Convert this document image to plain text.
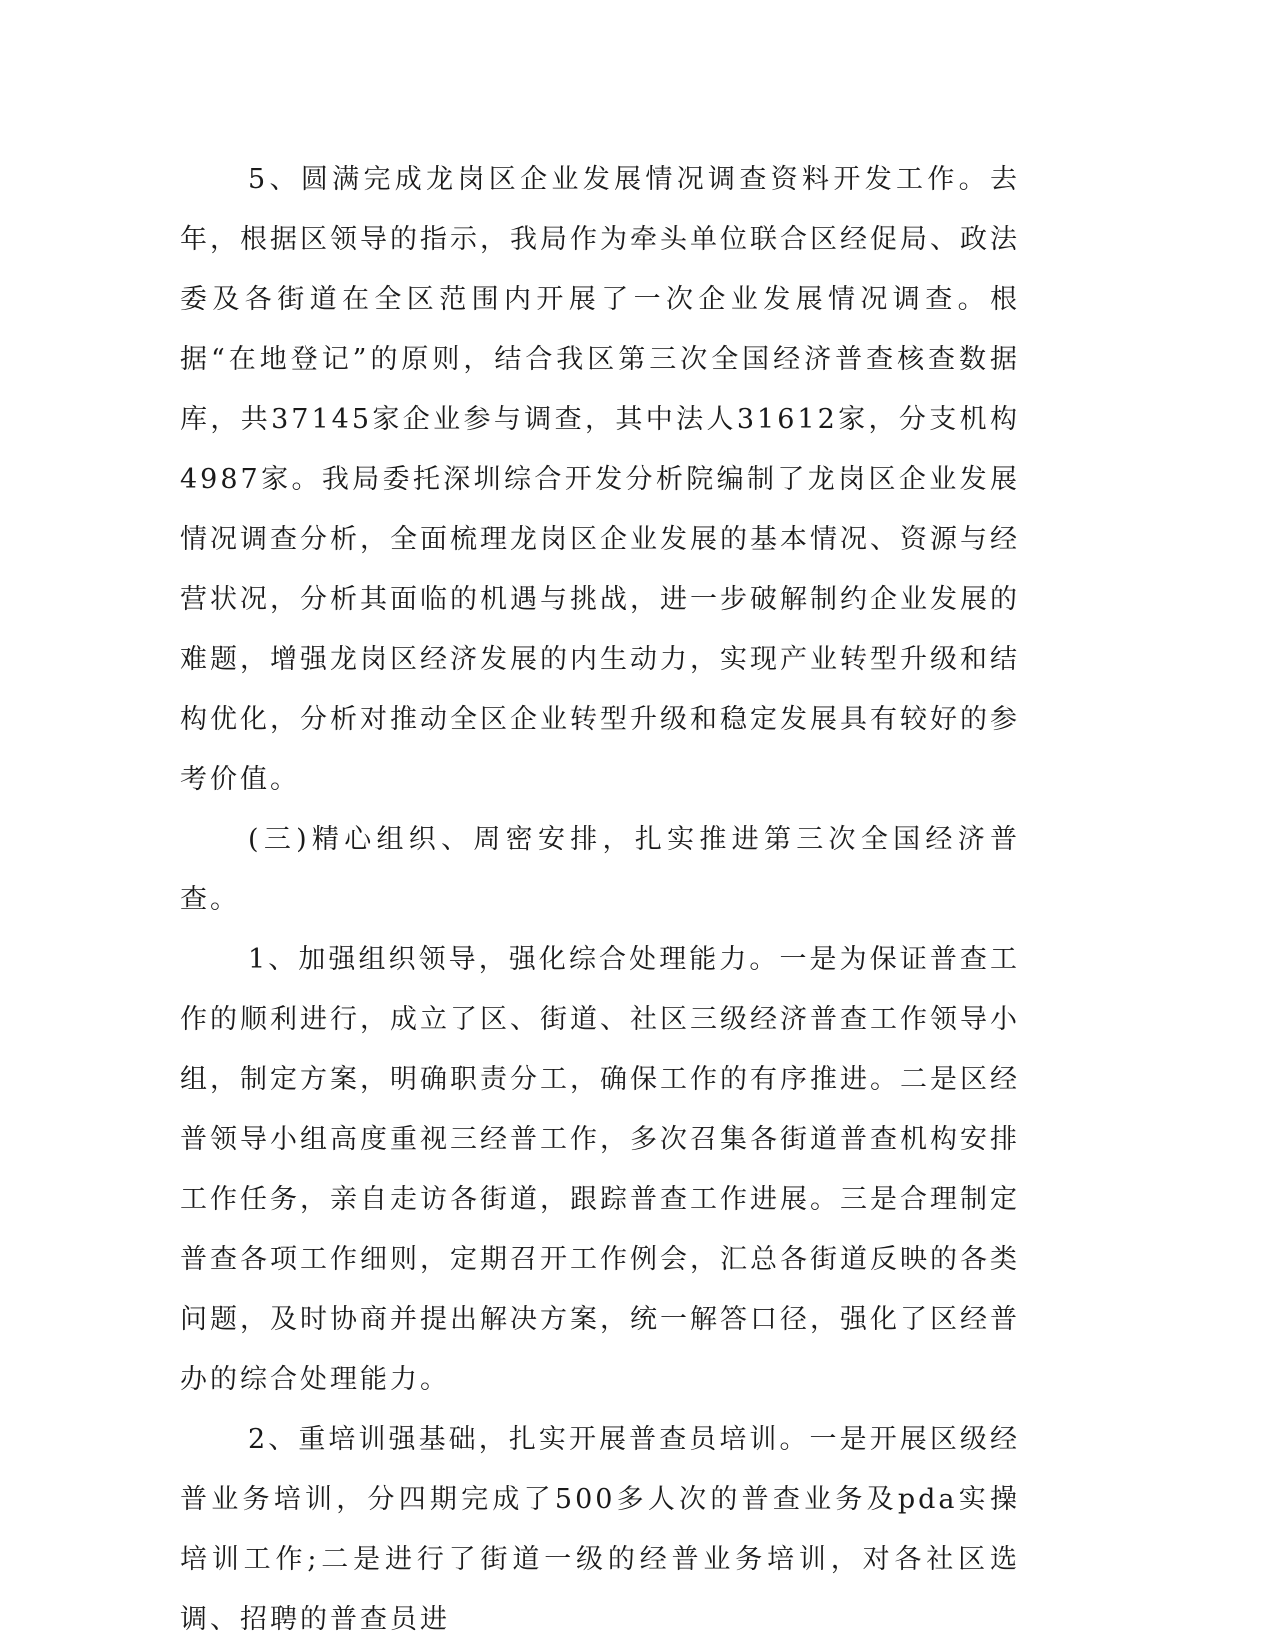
5、圆满完成龙岗区企业发展情况调查资料开发工作。去年，根据区领导的指示，我局作为牵头单位联合区经促局、政法委及各街道在全区范围内开展了一次企业发展情况调查。根据“在地登记”的原则，结合我区第三次全国经济普查核查数据库，共37145家企业参与调查，其中法人31612家，分支机构4987家。我局委托深圳综合开发分析院编制了龙岗区企业发展情况调查分析，全面梳理龙岗区企业发展的基本情况、资源与经营状况，分析其面临的机遇与挑战，进一步破解制约企业发展的难题，增强龙岗区经济发展的内生动力，实现产业转型升级和结构优化，分析对推动全区企业转型升级和稳定发展具有较好的参考价值。

(三)精心组织、周密安排，扎实推进第三次全国经济普查。

1、加强组织领导，强化综合处理能力。一是为保证普查工作的顺利进行，成立了区、街道、社区三级经济普查工作领导小组，制定方案，明确职责分工，确保工作的有序推进。二是区经普领导小组高度重视三经普工作，多次召集各街道普查机构安排工作任务，亲自走访各街道，跟踪普查工作进展。三是合理制定普查各项工作细则，定期召开工作例会，汇总各街道反映的各类问题，及时协商并提出解决方案，统一解答口径，强化了区经普办的综合处理能力。

2、重培训强基础，扎实开展普查员培训。一是开展区级经普业务培训，分四期完成了500多人次的普查业务及pda实操培训工作;二是进行了街道一级的经普业务培训，对各社区选调、招聘的普查员进
